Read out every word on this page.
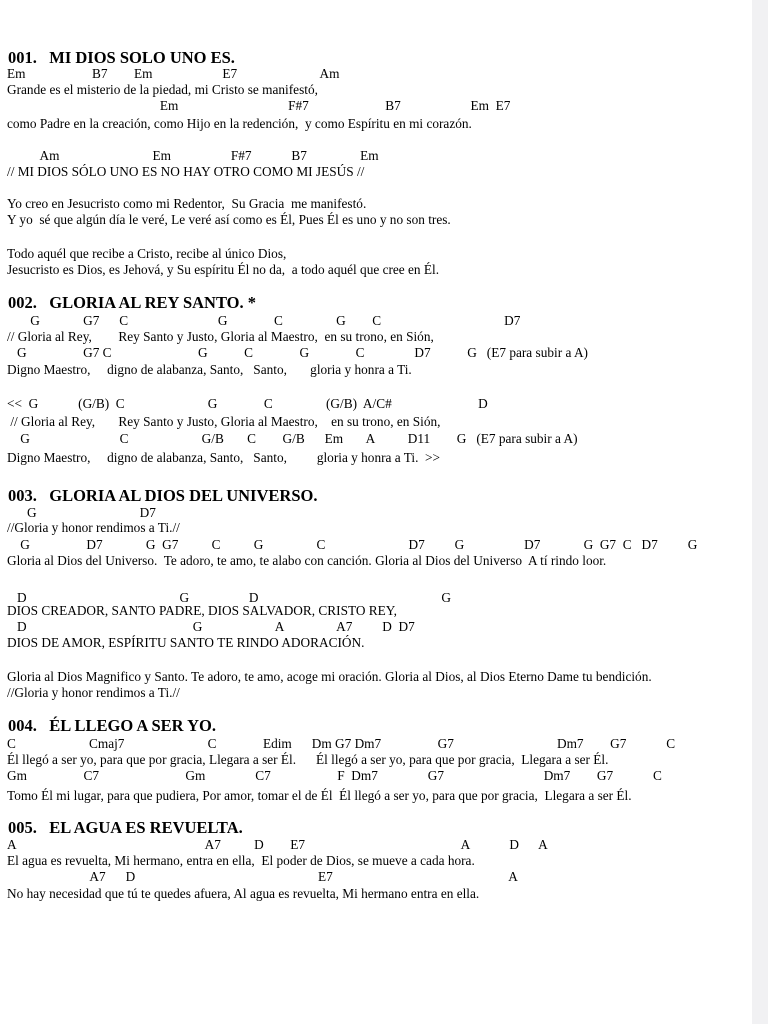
001.   MI DIOS SOLO UNO ES.
Em                    B7        Em                     E7                         Am
Grande es el misterio de la piedad, mi Cristo se manifestó,
Em                                 F#7                       B7                     Em  E7
como Padre en la creación, como Hijo en la redención,  y como Espíritu en mi corazón.
Am                            Em                  F#7            B7                Em
// MI DIOS SÓLO UNO ES NO HAY OTRO COMO MI JESÚS //
Yo creo en Jesucristo como mi Redentor,  Su Gracia  me manifestó.
Y yo  sé que algún día le veré, Le veré así como es Él, Pues Él es uno y no son tres.
Todo aquél que recibe a Cristo, recibe al único Dios,
Jesucristo es Dios, es Jehová, y Su espíritu Él no da,  a todo aquél que cree en Él.
002.   GLORIA AL REY SANTO. *
G             G7      C                           G              C                G        C                                     D7
// Gloria al Rey,        Rey Santo y Justo, Gloria al Maestro,  en su trono, en Sión,
G                 G7 C                          G           C              G              C               D7           G   (E7 para subir a A)
Digno Maestro,     digno de alabanza, Santo,   Santo,       gloria y honra a Ti.
<<  G            (G/B)  C                         G              C                (G/B)  A/C#                          D
// Gloria al Rey,       Rey Santo y Justo, Gloria al Maestro,    en su trono, en Sión,
G                           C                      G/B       C        G/B      Em       A          D11        G   (E7 para subir a A)
Digno Maestro,     digno de alabanza, Santo,   Santo,         gloria y honra a Ti.  >>
003.   GLORIA AL DIOS DEL UNIVERSO.
G                               D7
//Gloria y honor rendimos a Ti.//
G                 D7             G  G7          C          G                C                         D7         G                  D7             G  G7  C   D7         G
Gloria al Dios del Universo.  Te adoro, te amo, te alabo con canción. Gloria al Dios del Universo  A tí rindo loor.
D                                              G                  D                                                       G
DIOS CREADOR, SANTO PADRE, DIOS SALVADOR, CRISTO REY,
D                                                  G                      A                A7         D  D7
DIOS DE AMOR, ESPÍRITU SANTO TE RINDO ADORACIÓN.
Gloria al Dios Magnifico y Santo. Te adoro, te amo, acoge mi oración. Gloria al Dios, al Dios Eterno Dame tu bendición.
//Gloria y honor rendimos a Ti.//
004.   ÉL LLEGO A SER YO.
C                      Cmaj7                         C              Edim      Dm G7 Dm7                 G7                               Dm7        G7            C
Él llegó a ser yo, para que por gracia, Llegara a ser Él.      Él llegó a ser yo, para que por gracia,  Llegara a ser Él.
Gm                 C7                          Gm               C7                    F  Dm7               G7                              Dm7        G7            C
Tomo Él mi lugar, para que pudiera, Por amor, tomar el de Él  Él llegó a ser yo, para que por gracia,  Llegara a ser Él.
005.   EL AGUA ES REVUELTA.
A                                                         A7          D        E7                                               A            D      A
El agua es revuelta, Mi hermano, entra en ella,  El poder de Dios, se mueve a cada hora.
A7      D                                                       E7                                                     A
No hay necesidad que tú te quedes afuera, Al agua es revuelta, Mi hermano entra en ella.
